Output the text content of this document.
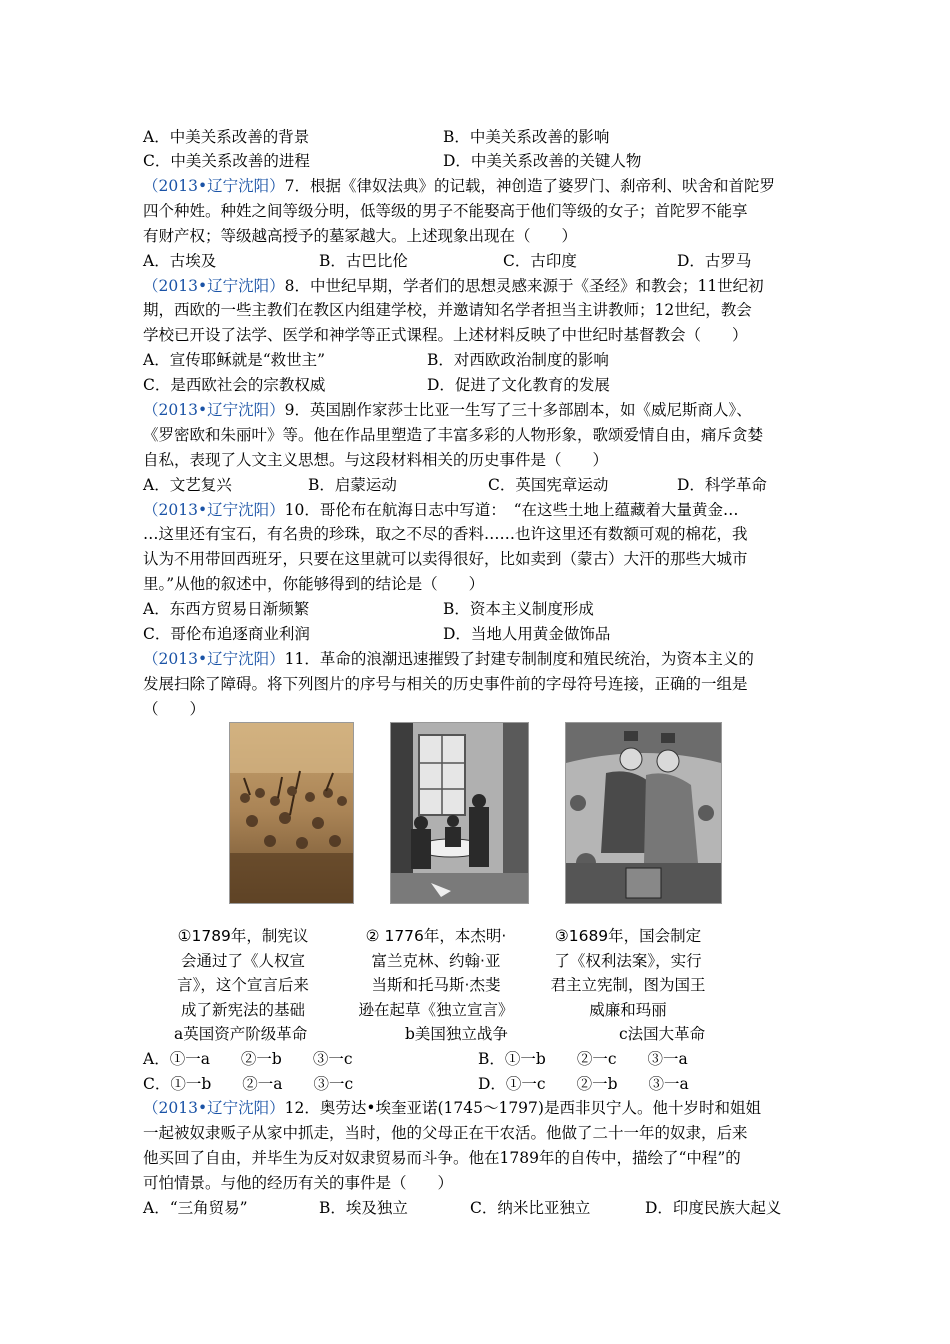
A．中美关系改善的背景	B．中美关系改善的影响
C．中美关系改善的进程	D．中美关系改善的关键人物
（2013•辽宁沈阳）7．根据《律奴法典》的记载，神创造了婆罗门、刹帝利、吠舍和首陀罗
四个种姓。种姓之间等级分明，低等级的男子不能娶高于他们等级的女子；首陀罗不能享
有财产权；等级越高授予的墓冢越大。上述现象出现在（　　）
A．古埃及	B．古巴比伦	C．古印度	D．古罗马
（2013•辽宁沈阳）8．中世纪早期，学者们的思想灵感来源于《圣经》和教会；11世纪初
期，西欧的一些主教们在教区内组建学校，并邀请知名学者担当主讲教师；12世纪，教会
学校已开设了法学、医学和神学等正式课程。上述材料反映了中世纪时基督教会（　　）
A．宣传耶稣就是“救世主”	B．对西欧政治制度的影响
C．是西欧社会的宗教权威	D．促进了文化教育的发展
（2013•辽宁沈阳）9．英国剧作家莎士比亚一生写了三十多部剧本，如《威尼斯商人》、
《罗密欧和朱丽叶》等。他在作品里塑造了丰富多彩的人物形象，歌颂爱情自由，痛斥贪婪
自私，表现了人文主义思想。与这段材料相关的历史事件是（　　）
A．文艺复兴	B．启蒙运动	C．英国宪章运动	D．科学革命
（2013•辽宁沈阳）10．哥伦布在航海日志中写道：　“在这些土地上蕴藏着大量黄金…
…这里还有宝石，有名贵的珍珠，取之不尽的香料……也许这里还有数额可观的棉花，我
认为不用带回西班牙，只要在这里就可以卖得很好，比如卖到（蒙古）大汗的那些大城市
里。”从他的叙述中，你能够得到的结论是（　　）
A．东西方贸易日渐频繁	B．资本主义制度形成
C．哥伦布追逐商业利润	D．当地人用黄金做饰品
（2013•辽宁沈阳）11．革命的浪潮迅速摧毁了封建专制制度和殖民统治，为资本主义的
发展扫除了障碍。将下列图片的序号与相关的历史事件前的字母符号连接，正确的一组是
（　　）
①1789年，制宪议
会通过了《人权宣
言》，这个宣言后来
成了新宪法的基础
② 1776年，本杰明·
富兰克林、约翰·亚
当斯和托马斯·杰斐
逊在起草《独立宣言》
③1689年，国会制定
了《权利法案》，实行
君主立宪制，图为国王
威廉和玛丽
a英国资产阶级革命	b美国独立战争	c法国大革命
A．①一a　　②一b　　③一c	B．①一b　　②一c　　③一a
C．①一b　　②一a　　③一c	D．①一c　　②一b　　③一a
（2013•辽宁沈阳）12．奥劳达•埃奎亚诺(1745～1797)是西非贝宁人。他十岁时和姐姐
一起被奴隶贩子从家中抓走，当时，他的父母正在干农活。他做了二十一年的奴隶，后来
他买回了自由，并毕生为反对奴隶贸易而斗争。他在1789年的自传中，描绘了“中程”的
可怕情景。与他的经历有关的事件是（　　）
A．“三角贸易”	B．埃及独立	C．纳米比亚独立	D．印度民族大起义
